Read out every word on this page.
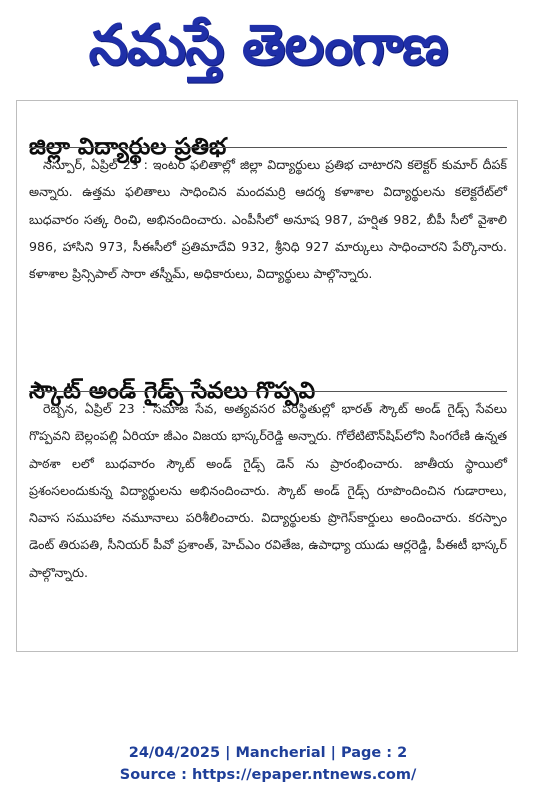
నమస్తే తెలంగాణ
జిల్లా విద్యార్థుల ప్రతిభ

నస్పూర్, ఏప్రిల్ 23 : ఇంటర్ ఫలితాల్లో జిల్లా విద్యార్థులు ప్రతిభ చాటారని కలెక్టర్ కుమార్ దీపక్ అన్నారు. ఉత్తమ ఫలితాలు సాధించిన మందమర్రి ఆదర్శ కళాశాల విద్యార్థులను కలెక్టరేట్‌లో బుధవారం సత్క రించి, అభినందించారు. ఎంపీసీలో అనూష 987, హర్షిత 982, బీపీ సీలో వైశాలి 986, హాసిని 973, సీఈసీలో ప్రతిమాదేవి 932, శ్రీనిధి 927 మార్కులు సాధించారని పేర్కొనారు. కళాశాల ప్రిన్సిపాల్ సారా తస్నీమ్, అధికారులు, విద్యార్థులు పాల్గొన్నారు.

స్కౌట్ అండ్ గైడ్స్ సేవలు గొప్పవి

రెబ్బెన, ఏప్రిల్ 23 : సమాజ సేవ, అత్యవసర పరిస్థితుల్లో భారత్ స్కౌట్ అండ్ గైడ్స్ సేవలు గొప్పవని బెల్లంపల్లి ఏరియా జీఎం విజయ భాస్కర్‌రెడ్డి అన్నారు. గోలేటిటౌన్‌షిప్‌లోని సింగరేణి ఉన్నత పాఠశా లలో బుధవారం స్కౌట్ అండ్ గైడ్స్ డెన్ ను ప్రారంభించారు. జాతీయ స్థాయిలో ప్రశంసలందుకున్న విద్యార్థులను అభినందించారు. స్కౌట్ అండ్ గైడ్స్ రూపొందించిన గుడారాలు, నివాస సముహాల నమూనాలు పరిశీలించారు. విద్యార్థులకు ప్రొగెస్‌కార్డులు అందించారు. కరస్పాం డెంట్ తిరుపతి, సీనియర్ పీవో ప్రశాంత్, హెచ్‌ఎం రవితేజ, ఉపాధ్యా యుడు ఆర్లరెడ్డి, పీఈటీ భాస్కర్ పాల్గొన్నారు.

24/04/2025 | Mancherial | Page : 2
Source : https://epaper.ntnews.com/
